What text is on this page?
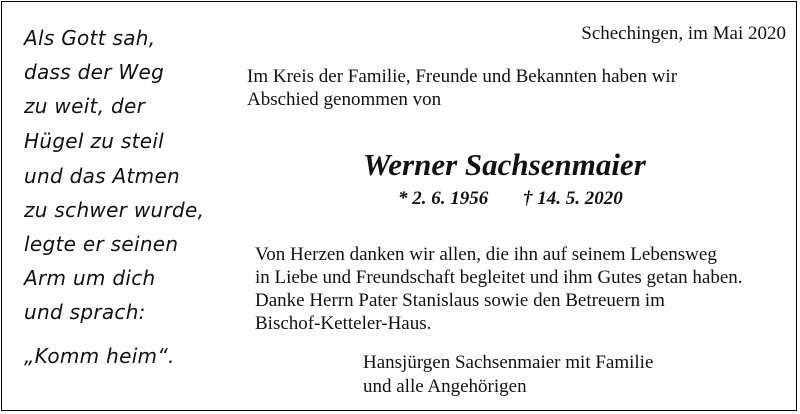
Als Gott sah,
dass der Weg
zu weit, der
Hügel zu steil
und das Atmen
zu schwer wurde,
legte er seinen
Arm um dich
und sprach:
„Komm heim“.
Schechingen, im Mai 2020
Im Kreis der Familie, Freunde und Bekannten haben wir
Abschied genommen von
Werner Sachsenmaier
* 2. 6. 1956 † 14. 5. 2020
Von Herzen danken wir allen, die ihn auf seinem Lebensweg
in Liebe und Freundschaft begleitet und ihm Gutes getan haben.
Danke Herrn Pater Stanislaus sowie den Betreuern im
Bischof-Ketteler-Haus.
Hansjürgen Sachsenmaier mit Familie
und alle Angehörigen
